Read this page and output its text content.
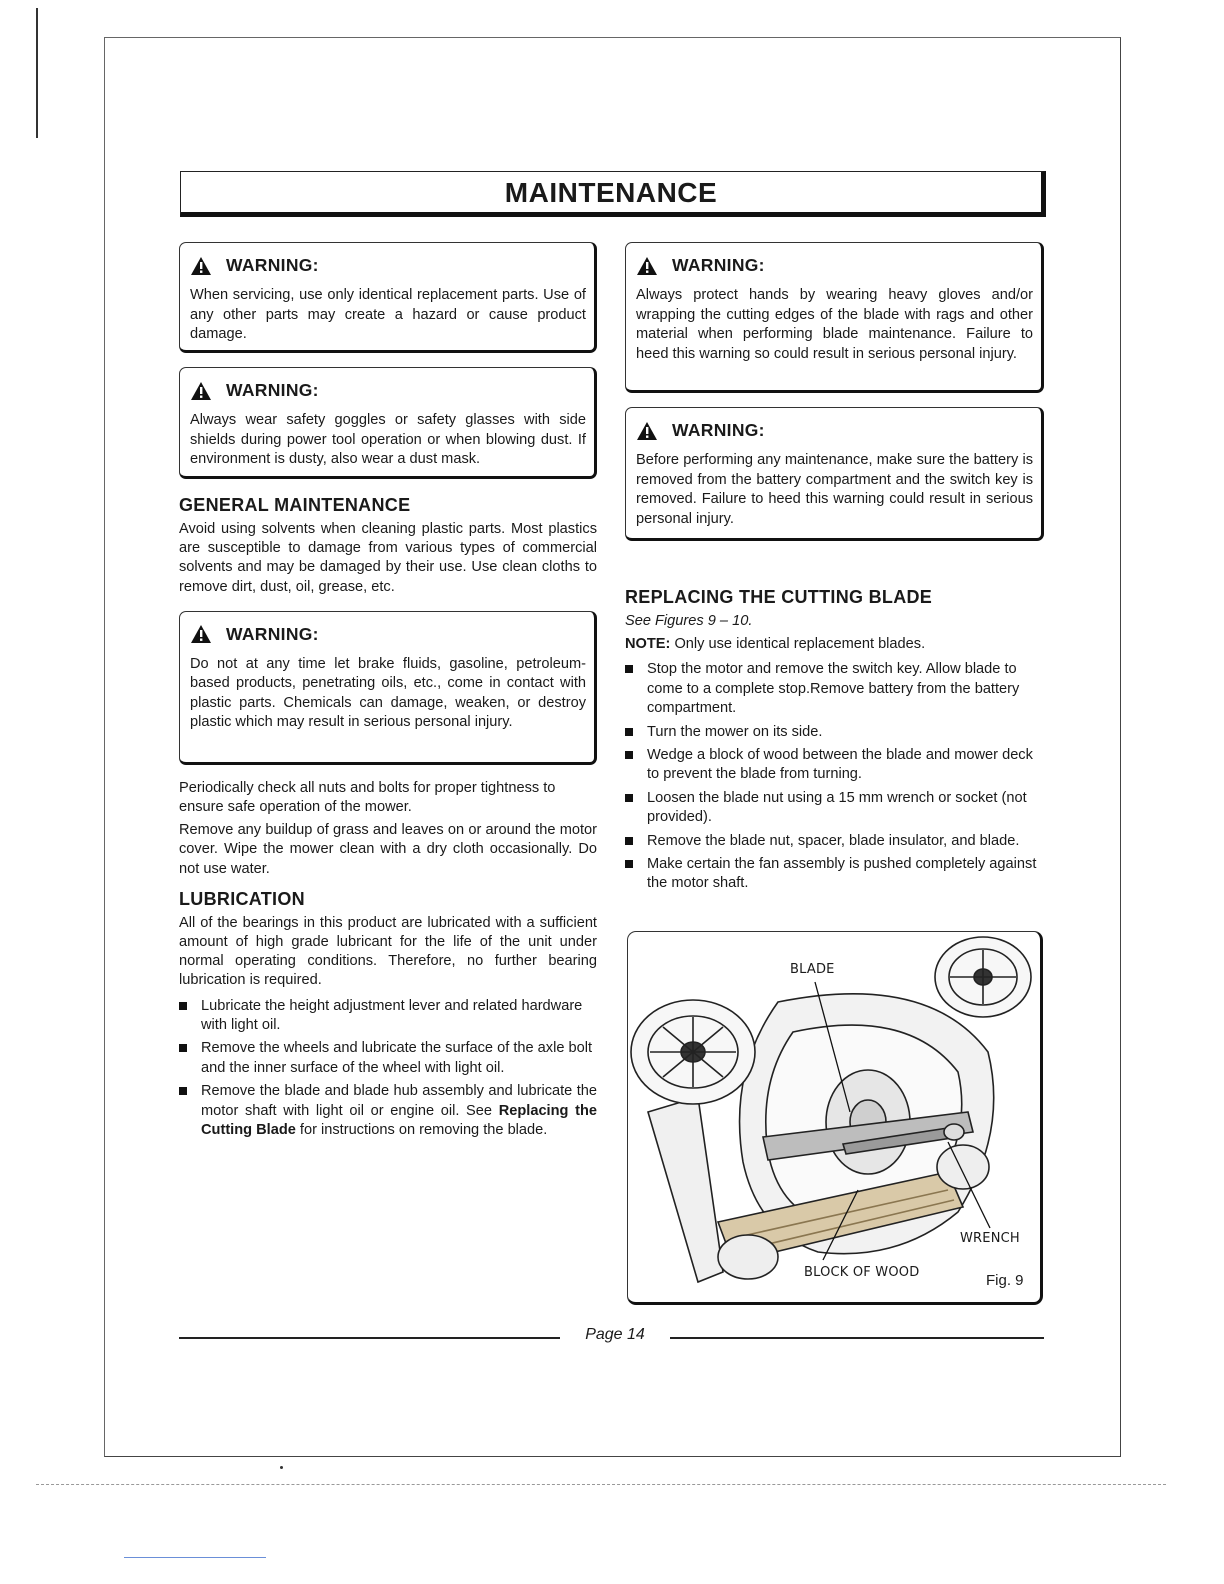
MAINTENANCE
WARNING:
When servicing, use only identical replacement parts. Use of any other parts may create a hazard or cause product damage.
WARNING:
Always wear safety goggles or safety glasses with side shields during power tool operation or when blowing dust. If environment is dusty, also wear a dust mask.
GENERAL MAINTENANCE

Avoid using solvents when cleaning plastic parts. Most plastics are susceptible to damage from various types of commercial solvents and may be damaged by their use. Use clean cloths to remove dirt, dust, oil, grease, etc.

WARNING:
Do not at any time let brake fluids, gasoline, petroleum-based products, penetrating oils, etc., come in contact with plastic parts. Chemicals can damage, weaken, or destroy plastic which may result in serious personal injury.

Periodically check all nuts and bolts for proper tightness to ensure safe operation of the mower.

Remove any buildup of grass and leaves on or around the motor cover. Wipe the mower clean with a dry cloth occasionally. Do not use water.

LUBRICATION

All of the bearings in this product are lubricated with a sufficient amount of high grade lubricant for the life of the unit under normal operating conditions. Therefore, no further bearing lubrication is required.

Lubricate the height adjustment lever and related hardware with light oil.
Remove the wheels and lubricate the surface of the axle bolt and the inner surface of the wheel with light oil.
Remove the blade and blade hub assembly and lubricate the motor shaft with light oil or engine oil. See Replacing the Cutting Blade for instructions on removing the blade.
WARNING:
Always protect hands by wearing heavy gloves and/or wrapping the cutting edges of the blade with rags and other material when performing blade maintenance. Failure to heed this warning so could result in serious personal injury.
WARNING:
Before performing any maintenance, make sure the battery is removed from the battery compartment and the switch key is removed. Failure to heed this warning could result in serious personal injury.
REPLACING THE CUTTING BLADE

See Figures 9 – 10.

NOTE: Only use identical replacement blades.

Stop the motor and remove the switch key. Allow blade to come to a complete stop.Remove battery from the battery compartment.
Turn the mower on its side.
Wedge a block of wood between the blade and mower deck to prevent the blade from turning.
Loosen the blade nut using a 15 mm wrench or socket (not provided).
Remove the blade nut, spacer, blade insulator, and blade.
Make certain the fan assembly is pushed completely against the motor shaft.
BLADE
WRENCH
BLOCK OF WOOD	Fig. 9
Page 14
